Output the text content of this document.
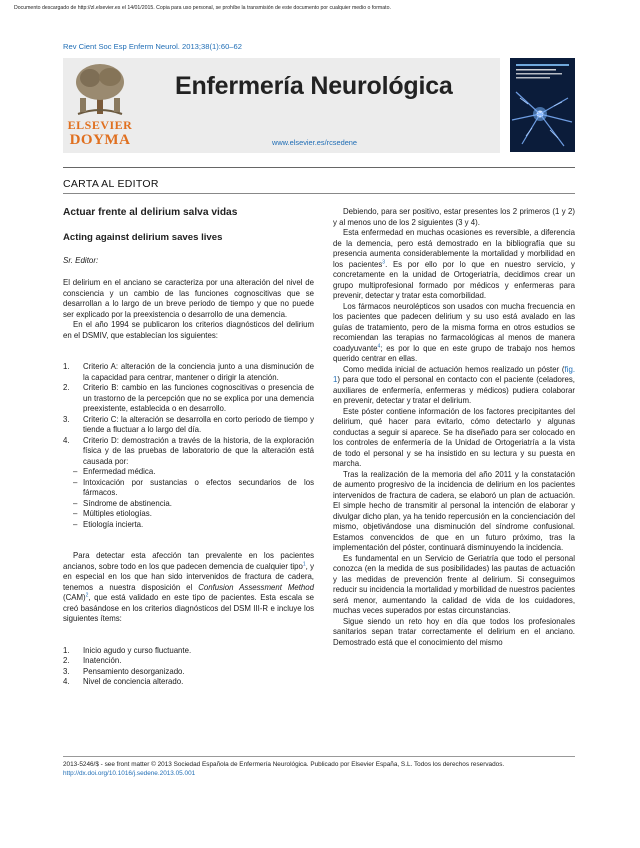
Documento descargado de http://zl.elsevier.es el 14/01/2015. Copia para uso personal, se prohíbe la transmisión de este documento por cualquier medio o formato.
Rev Cient Soc Esp Enferm Neurol. 2013;38(1):60–62
ELSEVIER
DOYMA
Enfermería Neurológica
www.elsevier.es/rcsedene
CARTA AL EDITOR
Actuar frente al delirium salva vidas
Acting against delirium saves lives
Sr. Editor:

El delirium en el anciano se caracteriza por una alteración del nivel de consciencia y un cambio de las funciones cognoscitivas que se desarrollan a lo largo de un breve periodo de tiempo y que no puede ser explicado por la preexistencia o desarrollo de una demencia.

En el año 1994 se publicaron los criterios diagnósticos del delirium en el DSMIV, que establecían los siguientes:

1. Criterio A: alteración de la conciencia junto a una disminución de la capacidad para centrar, mantener o dirigir la atención.
2. Criterio B: cambio en las funciones cognoscitivas o presencia de un trastorno de la percepción que no se explica por una demencia preexistente, establecida o en desarrollo.
3. Criterio C: la alteración se desarrolla en corto periodo de tiempo y tiende a fluctuar a lo largo del día.
4. Criterio D: demostración a través de la historia, de la exploración física y de las pruebas de laboratorio de que la alteración está causada por:
– Enfermedad médica.
– Intoxicación por sustancias o efectos secundarios de los fármacos.
– Síndrome de abstinencia.
– Múltiples etiologías.
– Etiología incierta.

Para detectar esta afección tan prevalente en los pacientes ancianos, sobre todo en los que padecen demencia de cualquier tipo$^1$, y en especial en los que han sido intervenidos de fractura de cadera, tenemos a nuestra disposición el Confusion Assessment Method (CAM)$^2$, que está validado en este tipo de pacientes. Esta escala se creó basándose en los criterios diagnósticos del DSM III-R e incluye los siguientes ítems:

1. Inicio agudo y curso fluctuante.
2. Inatención.
3. Pensamiento desorganizado.
4. Nivel de conciencia alterado.

Debiendo, para ser positivo, estar presentes los 2 primeros (1 y 2) y al menos uno de los 2 siguientes (3 y 4).

Esta enfermedad en muchas ocasiones es reversible, a diferencia de la demencia, pero está demostrado en la bibliografía que su presencia aumenta considerablemente la mortalidad y morbilidad en los pacientes$^3$. Es por ello por lo que en nuestro servicio, y concretamente en la unidad de Ortogeriatría, decidimos crear un grupo multiprofesional formado por médicos y enfermeras para prevenir, detectar y tratar esta comorbilidad.

Los fármacos neurolépticos son usados con mucha frecuencia en los pacientes que padecen delirium y su uso está avalado en las guías de tratamiento, pero de la misma forma en otros estudios se recomiendan las terapias no farmacológicas al menos de manera coadyuvante$^4$; es por lo que en este grupo de trabajo nos hemos querido centrar en ellas.

Como medida inicial de actuación hemos realizado un póster (fig. 1) para que todo el personal en contacto con el paciente (celadores, auxiliares de enfermería, enfermeras y médicos) pudiera colaborar en prevenir, detectar y tratar el delirium.

Este póster contiene información de los factores precipitantes del delirium, qué hacer para evitarlo, cómo detectarlo y algunas conductas a seguir si aparece. Se ha diseñado para ser colocado en los controles de enfermería de la Unidad de Ortogeriatría a la vista de todo el personal y se ha insistido en su lectura y su puesta en marcha.

Tras la realización de la memoria del año 2011 y la constatación de aumento progresivo de la incidencia de delirium en los pacientes intervenidos de fractura de cadera, se elaboró un plan de actuación. El simple hecho de transmitir al personal la intención de elaborar y divulgar dicho plan, ya ha tenido repercusión en la concienciación del mismo, objetivándose una disminución del síndrome confusional. Estamos convencidos de que en un futuro próximo, tras la implementación del póster, continuará disminuyendo la incidencia.

Es fundamental en un Servicio de Geriatría que todo el personal conozca (en la medida de sus posibilidades) las pautas de actuación y las medidas de prevención frente al delirium. Si conseguimos reducir su incidencia la mortalidad y morbilidad de nuestros pacientes será menor, aumentando la calidad de vida de los cuidadores, muchas veces superados por estas circunstancias.

Sigue siendo un reto hoy en día que todos los profesionales sanitarios sepan tratar correctamente el delirium en el anciano. Demostrado está que el conocimiento del mismo

2013-5246/$ - see front matter © 2013 Sociedad Española de Enfermería Neurológica. Publicado por Elsevier España, S.L. Todos los derechos reservados.
http://dx.doi.org/10.1016/j.sedene.2013.05.001
